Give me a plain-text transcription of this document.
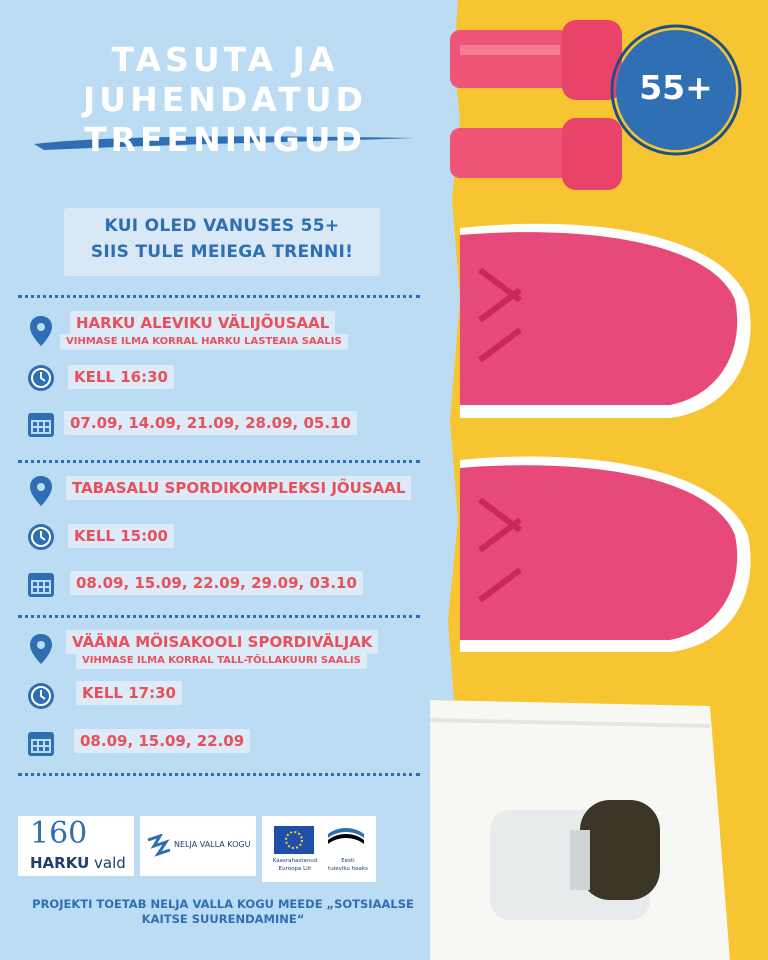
55+
TASUTA JA
JUHENDATUD
TREENINGUD
KUI OLED VANUSES 55+
SIIS TULE MEIEGA TRENNI!
HARKU ALEVIKU VÄLIJÕUSAAL
VIHMASE ILMA KORRAL HARKU LASTEAIA SAALIS
KELL 16:30
07.09, 14.09, 21.09, 28.09, 05.10
TABASALU SPORDIKOMPLEKSI JÕUSAAL
KELL 15:00
08.09, 15.09, 22.09, 29.09, 03.10
VÄÄNA MÕISAKOOLI SPORDIVÄLJAK
VIHMASE ILMA KORRAL TALL-TÕLLAKUURI SAALIS
KELL 17:30
08.09, 15.09, 22.09
160
HARKU vald
NELJA VALLA KOGU
Kaasrahastanud
Euroopa Liit
Eesti
tuleviku heaks
PROJEKTI TOETAB NELJA VALLA KOGU MEEDE „SOTSIAALSE KAITSE SUURENDAMINE“
